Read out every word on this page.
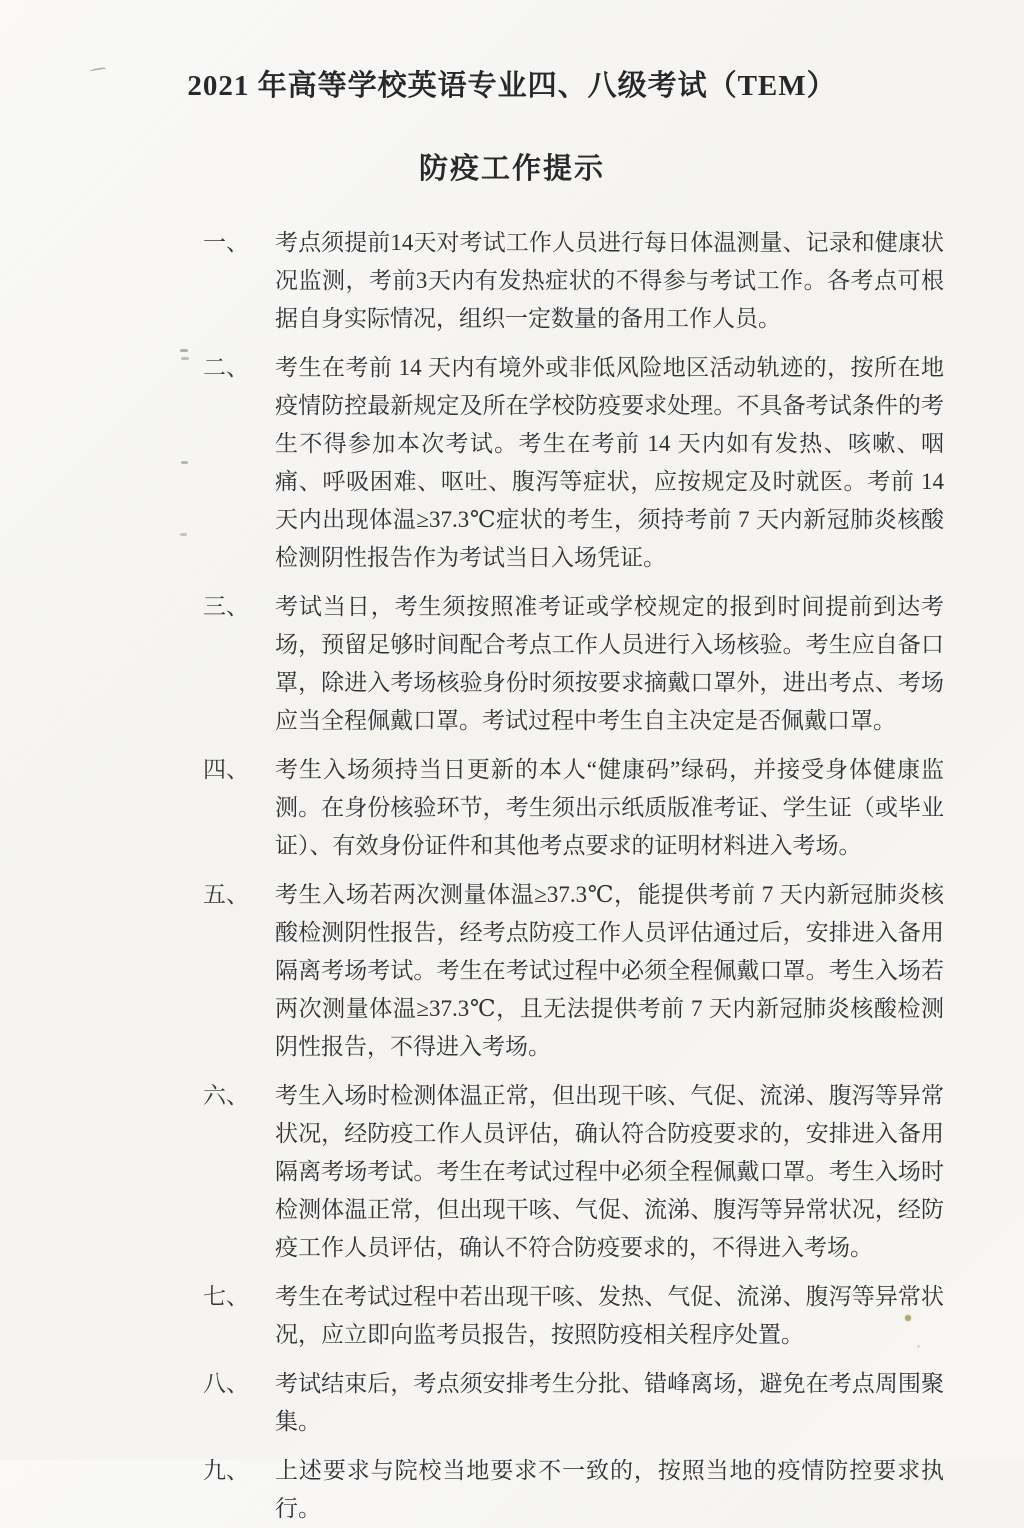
2021 年高等学校英语专业四、八级考试（TEM）
防疫工作提示
一、	考点须提前14天对考试工作人员进行每日体温测量、记录和健康状况监测，考前3天内有发热症状的不得参与考试工作。各考点可根据自身实际情况，组织一定数量的备用工作人员。
二、	考生在考前 14 天内有境外或非低风险地区活动轨迹的，按所在地疫情防控最新规定及所在学校防疫要求处理。不具备考试条件的考生不得参加本次考试。考生在考前 14 天内如有发热、咳嗽、咽痛、呼吸困难、呕吐、腹泻等症状，应按规定及时就医。考前 14 天内出现体温≥37.3℃症状的考生，须持考前 7 天内新冠肺炎核酸检测阴性报告作为考试当日入场凭证。
三、	考试当日，考生须按照准考证或学校规定的报到时间提前到达考场，预留足够时间配合考点工作人员进行入场核验。考生应自备口罩，除进入考场核验身份时须按要求摘戴口罩外，进出考点、考场应当全程佩戴口罩。考试过程中考生自主决定是否佩戴口罩。
四、	考生入场须持当日更新的本人“健康码”绿码，并接受身体健康监测。在身份核验环节，考生须出示纸质版准考证、学生证（或毕业证）、有效身份证件和其他考点要求的证明材料进入考场。
五、	考生入场若两次测量体温≥37.3℃，能提供考前 7 天内新冠肺炎核酸检测阴性报告，经考点防疫工作人员评估通过后，安排进入备用隔离考场考试。考生在考试过程中必须全程佩戴口罩。考生入场若两次测量体温≥37.3℃，且无法提供考前 7 天内新冠肺炎核酸检测阴性报告，不得进入考场。
六、	考生入场时检测体温正常，但出现干咳、气促、流涕、腹泻等异常状况，经防疫工作人员评估，确认符合防疫要求的，安排进入备用隔离考场考试。考生在考试过程中必须全程佩戴口罩。考生入场时检测体温正常，但出现干咳、气促、流涕、腹泻等异常状况，经防疫工作人员评估，确认不符合防疫要求的，不得进入考场。
七、	考生在考试过程中若出现干咳、发热、气促、流涕、腹泻等异常状况，应立即向监考员报告，按照防疫相关程序处置。
八、	考试结束后，考点须安排考生分批、错峰离场，避免在考点周围聚集。
九、	上述要求与院校当地要求不一致的，按照当地的疫情防控要求执行。
